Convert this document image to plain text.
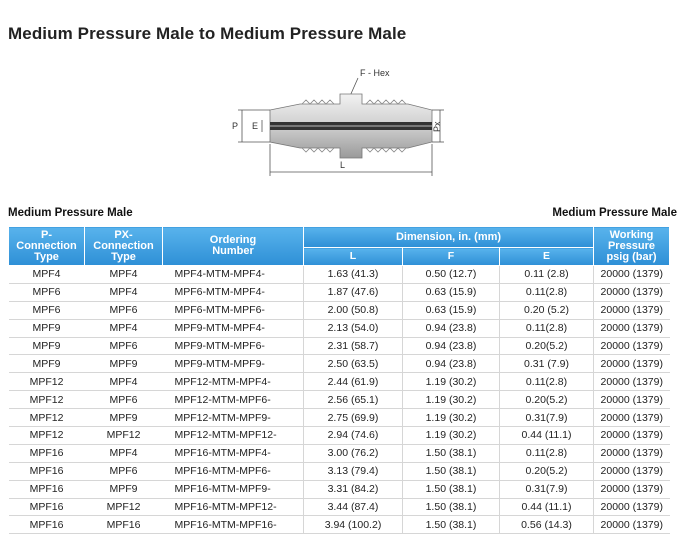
Medium Pressure Male to Medium Pressure Male
F - Hex
P E	Px
L
Medium Pressure Male	Medium Pressure Male
P-
Connection
Type	PX-
Connection
Type	Ordering
Number	Dimension, in. (mm)			Working
Pressure
psig (bar)
			L	F	E	
MPF4	MPF4	MPF4-MTM-MPF4-	1.63 (41.3)	0.50 (12.7)	0.11 (2.8)	20000 (1379)
MPF6	MPF4	MPF6-MTM-MPF4-	1.87 (47.6)	0.63 (15.9)	0.11(2.8)	20000 (1379)
MPF6	MPF6	MPF6-MTM-MPF6-	2.00 (50.8)	0.63 (15.9)	0.20 (5.2)	20000 (1379)
MPF9	MPF4	MPF9-MTM-MPF4-	2.13 (54.0)	0.94 (23.8)	0.11(2.8)	20000 (1379)
MPF9	MPF6	MPF9-MTM-MPF6-	2.31 (58.7)	0.94 (23.8)	0.20(5.2)	20000 (1379)
MPF9	MPF9	MPF9-MTM-MPF9-	2.50 (63.5)	0.94 (23.8)	0.31 (7.9)	20000 (1379)
MPF12	MPF4	MPF12-MTM-MPF4-	2.44 (61.9)	1.19 (30.2)	0.11(2.8)	20000 (1379)
MPF12	MPF6	MPF12-MTM-MPF6-	2.56 (65.1)	1.19 (30.2)	0.20(5.2)	20000 (1379)
MPF12	MPF9	MPF12-MTM-MPF9-	2.75 (69.9)	1.19 (30.2)	0.31(7.9)	20000 (1379)
MPF12	MPF12	MPF12-MTM-MPF12-	2.94 (74.6)	1.19 (30.2)	0.44 (11.1)	20000 (1379)
MPF16	MPF4	MPF16-MTM-MPF4-	3.00 (76.2)	1.50 (38.1)	0.11(2.8)	20000 (1379)
MPF16	MPF6	MPF16-MTM-MPF6-	3.13 (79.4)	1.50 (38.1)	0.20(5.2)	20000 (1379)
MPF16	MPF9	MPF16-MTM-MPF9-	3.31 (84.2)	1.50 (38.1)	0.31(7.9)	20000 (1379)
MPF16	MPF12	MPF16-MTM-MPF12-	3.44 (87.4)	1.50 (38.1)	0.44 (11.1)	20000 (1379)
MPF16	MPF16	MPF16-MTM-MPF16-	3.94 (100.2)	1.50 (38.1)	0.56 (14.3)	20000 (1379)
